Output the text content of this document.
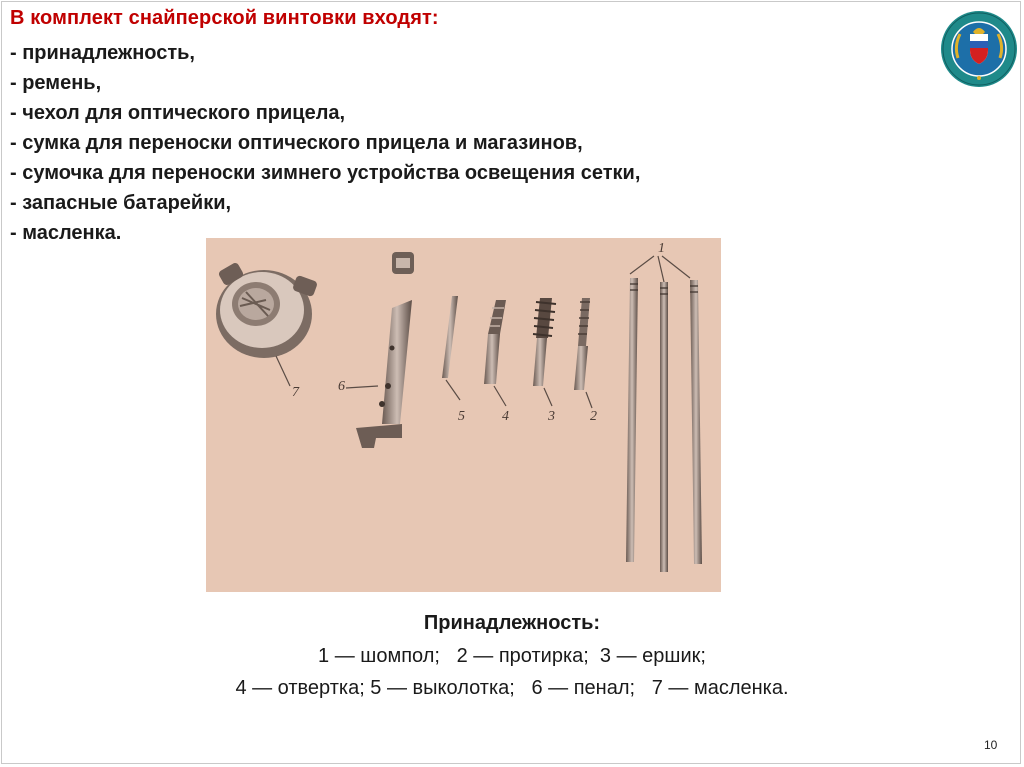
В комплект снайперской винтовки входят:
- принадлежность,
- ремень,
- чехол для оптического прицела,
- сумка для переноски оптического прицела и магазинов,
- сумочка для переноски зимнего устройства освещения сетки,
- запасные батарейки,
- масленка.
1
2
3
4
5
6
7

Принадлежность:

1 — шомпол;   2 — протирка;  3 — ершик;

4 — отвертка; 5 — выколотка;   6 — пенал;   7 — масленка.

10
